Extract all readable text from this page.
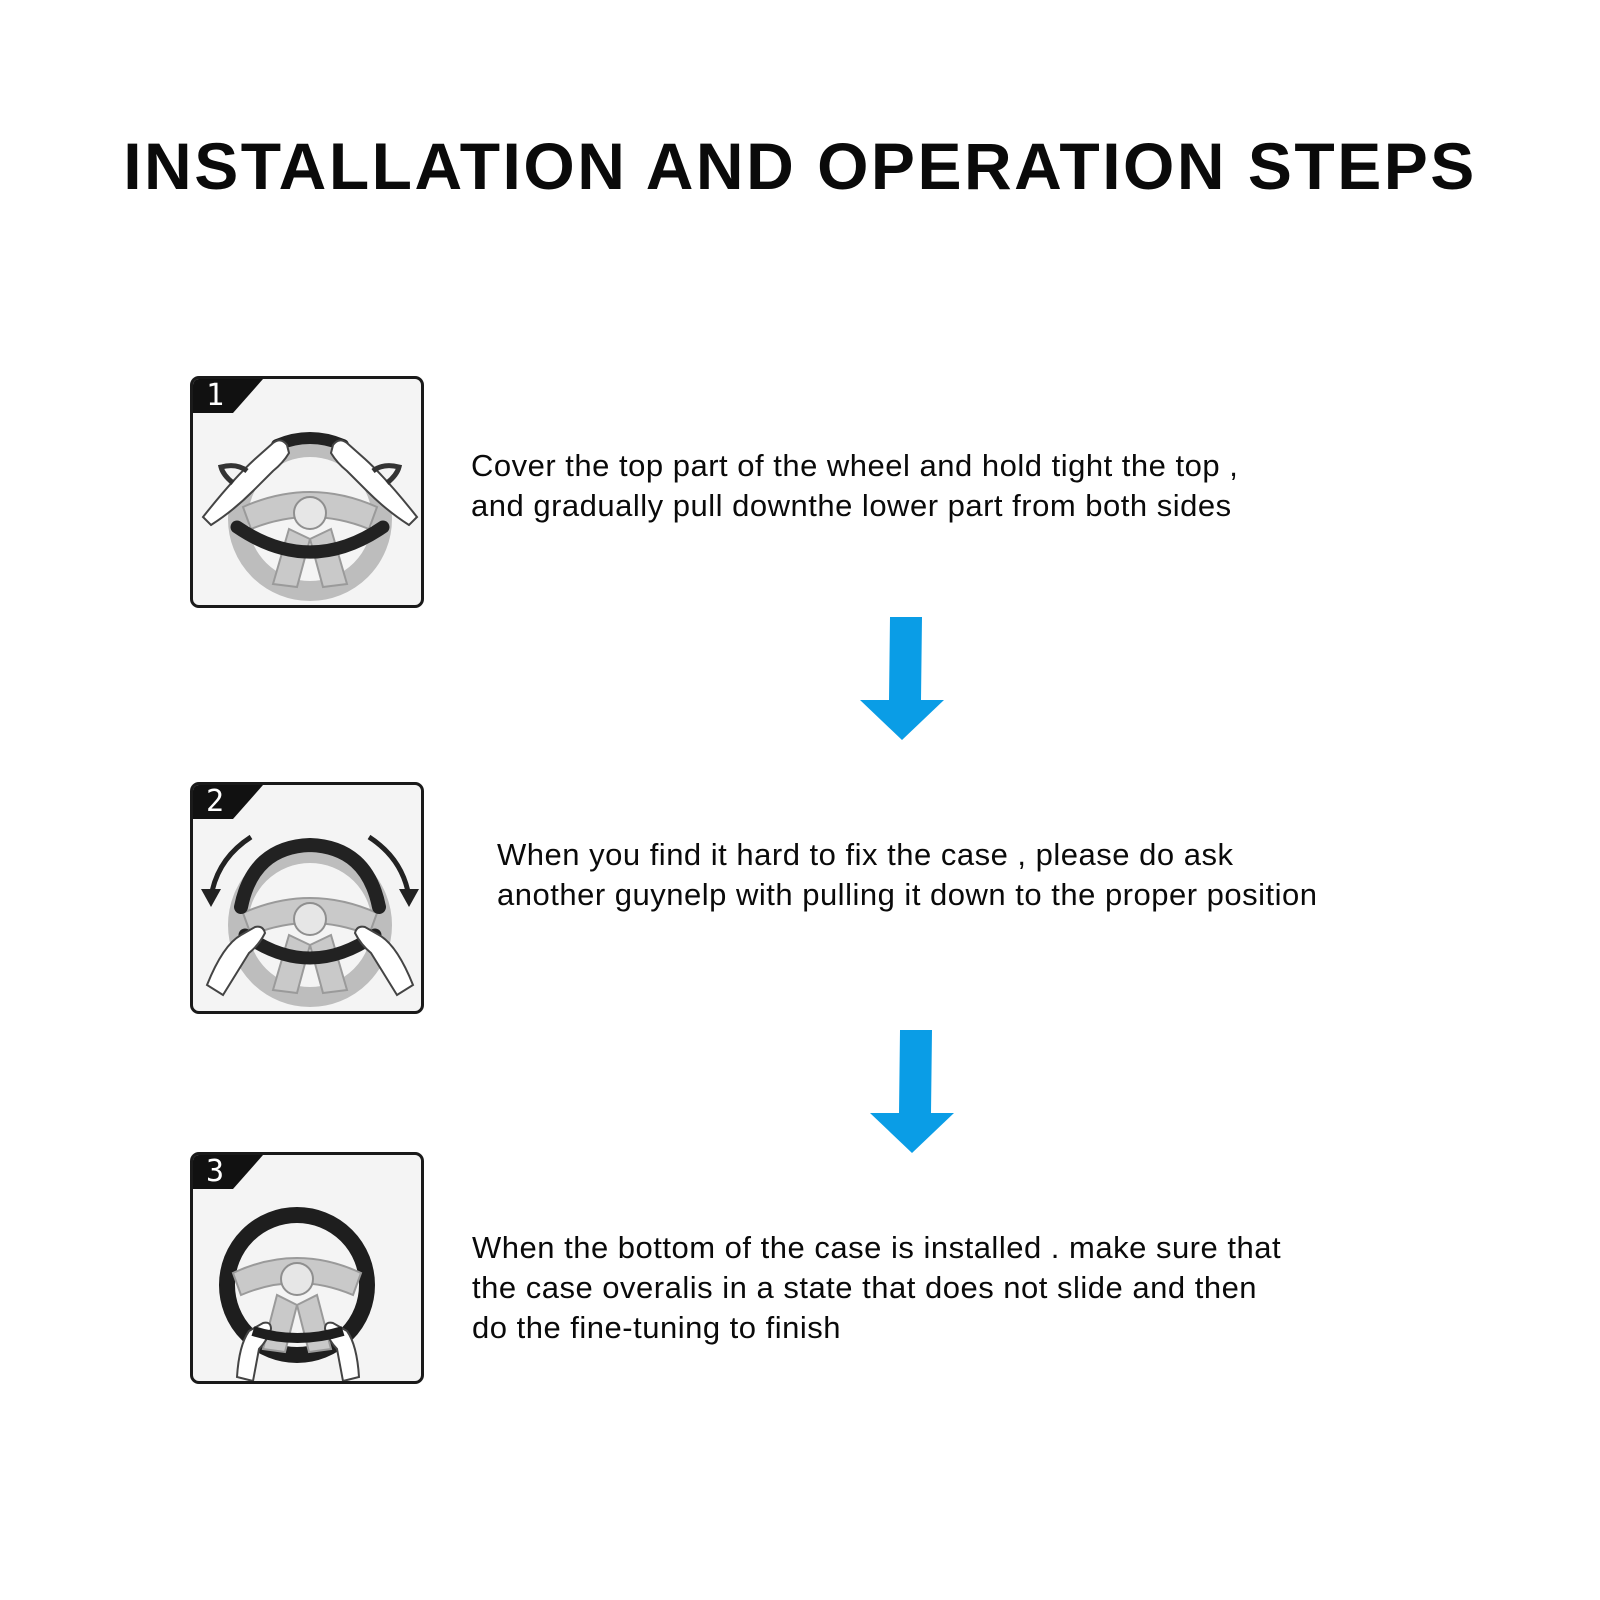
INSTALLATION AND OPERATION STEPS
1

Cover the top part of the wheel and hold tight the top ,
and gradually pull downthe lower part from both sides

2

When you find it hard to fix the case , please do ask
another guynelp with pulling it down to the proper position

3

When the bottom of the case is installed . make sure that
the case overalis in a state that does not slide and then
do the fine-tuning to finish
